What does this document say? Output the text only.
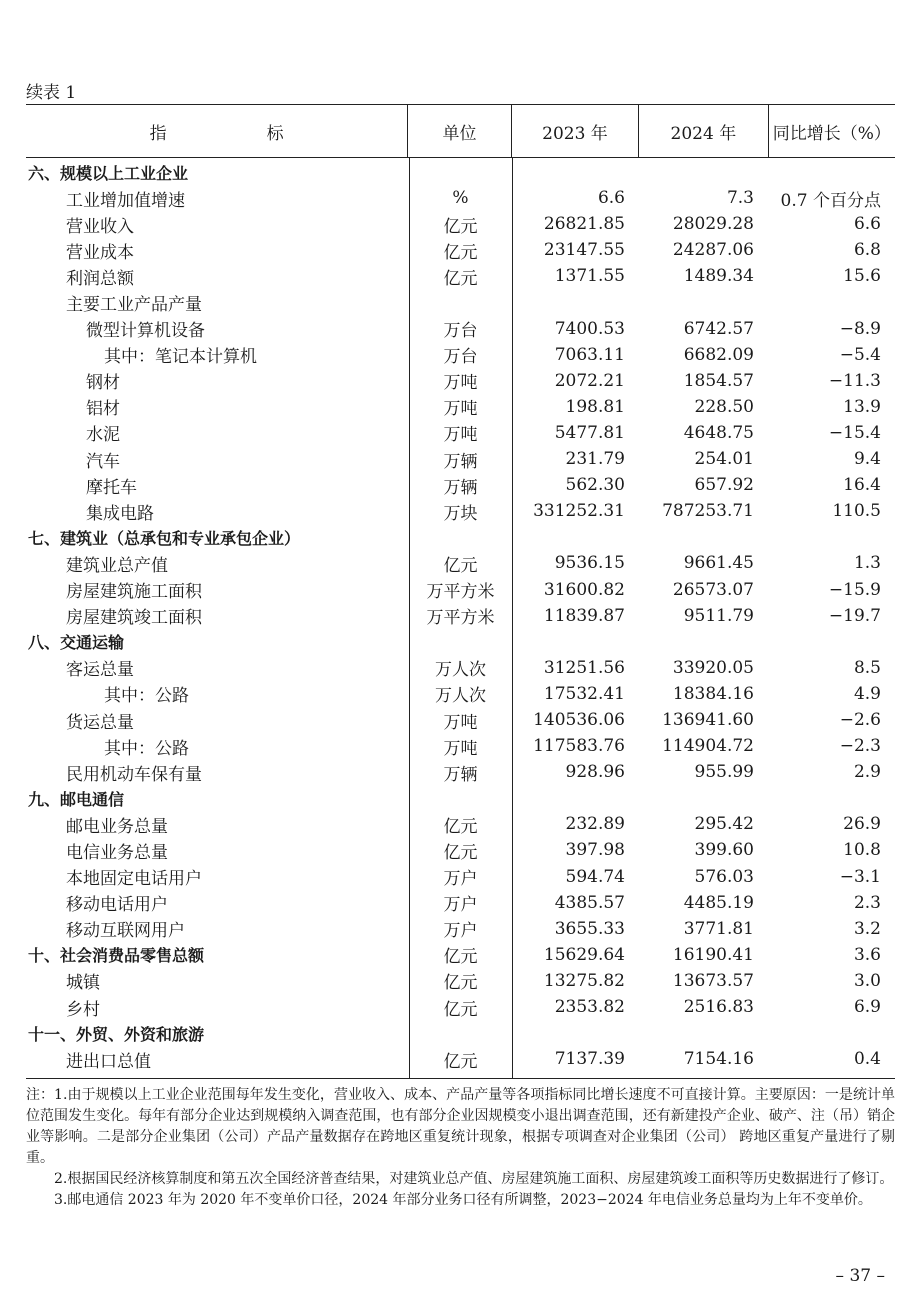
续表 1
指	标	单位	2023 年	2024 年	同比增长（%）
六、规模以上工业企业
工业增加值增速	%	6.6	7.3	0.7 个百分点
营业收入	亿元	26821.85	28029.28	6.6
营业成本	亿元	23147.55	24287.06	6.8
利润总额	亿元	1371.55	1489.34	15.6
主要工业产品产量
微型计算机设备	万台	7400.53	6742.57	−8.9
其中：笔记本计算机	万台	7063.11	6682.09	−5.4
钢材	万吨	2072.21	1854.57	−11.3
铝材	万吨	198.81	228.50	13.9
水泥	万吨	5477.81	4648.75	−15.4
汽车	万辆	231.79	254.01	9.4
摩托车	万辆	562.30	657.92	16.4
集成电路	万块	331252.31	787253.71	110.5
七、建筑业（总承包和专业承包企业）
建筑业总产值	亿元	9536.15	9661.45	1.3
房屋建筑施工面积	万平方米	31600.82	26573.07	−15.9
房屋建筑竣工面积	万平方米	11839.87	9511.79	−19.7
八、交通运输
客运总量	万人次	31251.56	33920.05	8.5
其中：公路	万人次	17532.41	18384.16	4.9
货运总量	万吨	140536.06	136941.60	−2.6
其中：公路	万吨	117583.76	114904.72	−2.3
民用机动车保有量	万辆	928.96	955.99	2.9
九、邮电通信
邮电业务总量	亿元	232.89	295.42	26.9
电信业务总量	亿元	397.98	399.60	10.8
本地固定电话用户	万户	594.74	576.03	−3.1
移动电话用户	万户	4385.57	4485.19	2.3
移动互联网用户	万户	3655.33	3771.81	3.2
十、社会消费品零售总额	亿元	15629.64	16190.41	3.6
城镇	亿元	13275.82	13673.57	3.0
乡村	亿元	2353.82	2516.83	6.9
十一、外贸、外资和旅游
进出口总值	亿元	7137.39	7154.16	0.4

注：1.由于规模以上工业企业范围每年发生变化，营业收入、成本、产品产量等各项指标同比增长速度不可直接计算。主要原因：一是统计单位范围发生变化。每年有部分企业达到规模纳入调查范围，也有部分企业因规模变小退出调查范围，还有新建投产企业、破产、注（吊）销企业等影响。二是部分企业集团（公司）产品产量数据存在跨地区重复统计现象，根据专项调查对企业集团（公司） 跨地区重复产量进行了剔重。

2.根据国民经济核算制度和第五次全国经济普查结果，对建筑业总产值、房屋建筑施工面积、房屋建筑竣工面积等历史数据进行了修订。

3.邮电通信 2023 年为 2020 年不变单价口径，2024 年部分业务口径有所调整，2023−2024 年电信业务总量均为上年不变单价。

– 37 –
